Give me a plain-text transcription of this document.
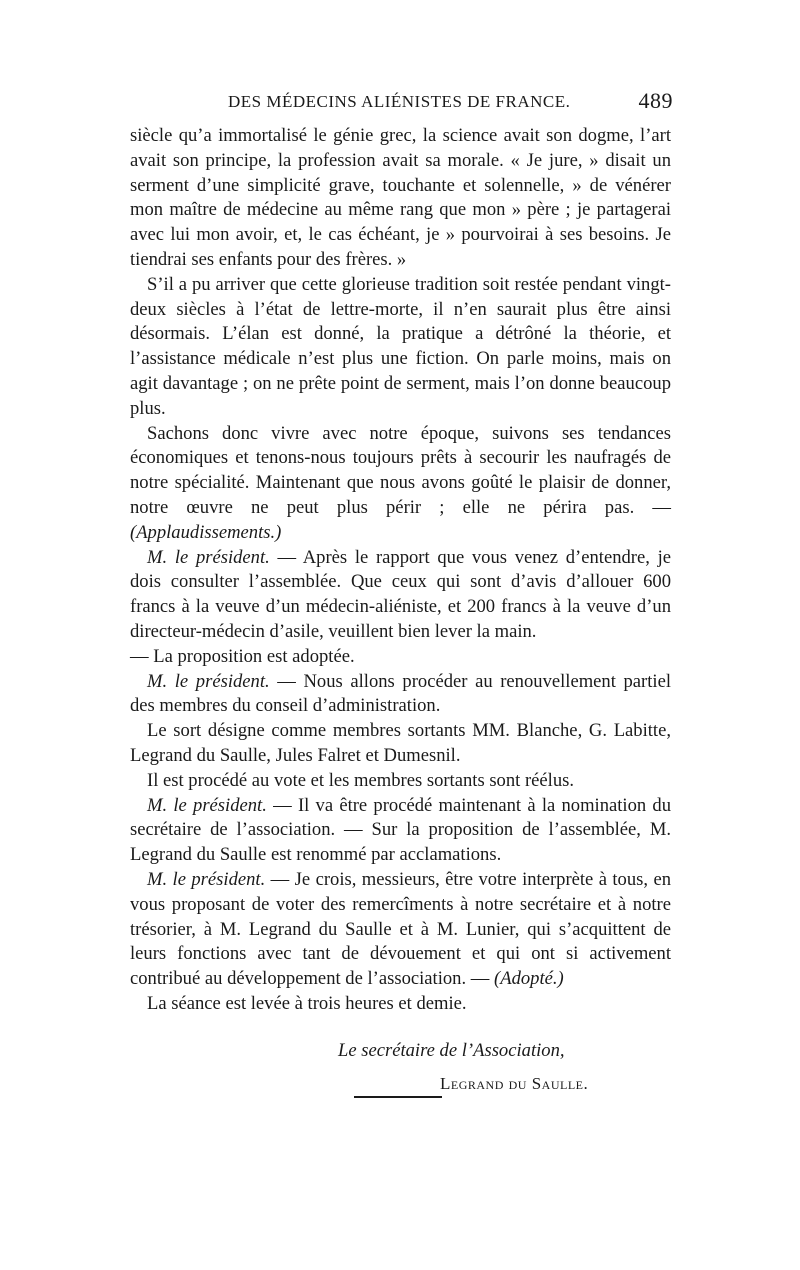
DES MÉDECINS ALIÉNISTES DE FRANCE.	489

siècle qu’a immortalisé le génie grec, la science avait son dogme, l’art avait son principe, la profession avait sa morale. « Je jure, » disait un serment d’une simplicité grave, touchante et solennelle, » de vénérer mon maître de médecine au même rang que mon » père ; je partagerai avec lui mon avoir, et, le cas échéant, je » pourvoirai à ses besoins. Je tiendrai ses enfants pour des frères. »

S’il a pu arriver que cette glorieuse tradition soit restée pendant vingt-deux siècles à l’état de lettre-morte, il n’en saurait plus être ainsi désormais. L’élan est donné, la pratique a détrôné la théorie, et l’assistance médicale n’est plus une fiction. On parle moins, mais on agit davantage ; on ne prête point de serment, mais l’on donne beaucoup plus.

Sachons donc vivre avec notre époque, suivons ses tendances économiques et tenons-nous toujours prêts à secourir les naufragés de notre spécialité. Maintenant que nous avons goûté le plaisir de donner, notre œuvre ne peut plus périr ; elle ne périra pas. — (Applaudissements.)

M. le président. — Après le rapport que vous venez d’entendre, je dois consulter l’assemblée. Que ceux qui sont d’avis d’allouer 600 francs à la veuve d’un médecin-aliéniste, et 200 francs à la veuve d’un directeur-médecin d’asile, veuillent bien lever la main.

— La proposition est adoptée.

M. le président. — Nous allons procéder au renouvellement partiel des membres du conseil d’administration.

Le sort désigne comme membres sortants MM. Blanche, G. Labitte, Legrand du Saulle, Jules Falret et Dumesnil.

Il est procédé au vote et les membres sortants sont réélus.

M. le président. — Il va être procédé maintenant à la nomination du secrétaire de l’association. — Sur la proposition de l’assemblée, M. Legrand du Saulle est renommé par acclamations.

M. le président. — Je crois, messieurs, être votre interprète à tous, en vous proposant de voter des remercîments à notre secrétaire et à notre trésorier, à M. Legrand du Saulle et à M. Lunier, qui s’acquittent de leurs fonctions avec tant de dévouement et qui ont si activement contribué au développement de l’association. — (Adopté.)

La séance est levée à trois heures et demie.

Le secrétaire de l’Association,
Legrand du Saulle.
